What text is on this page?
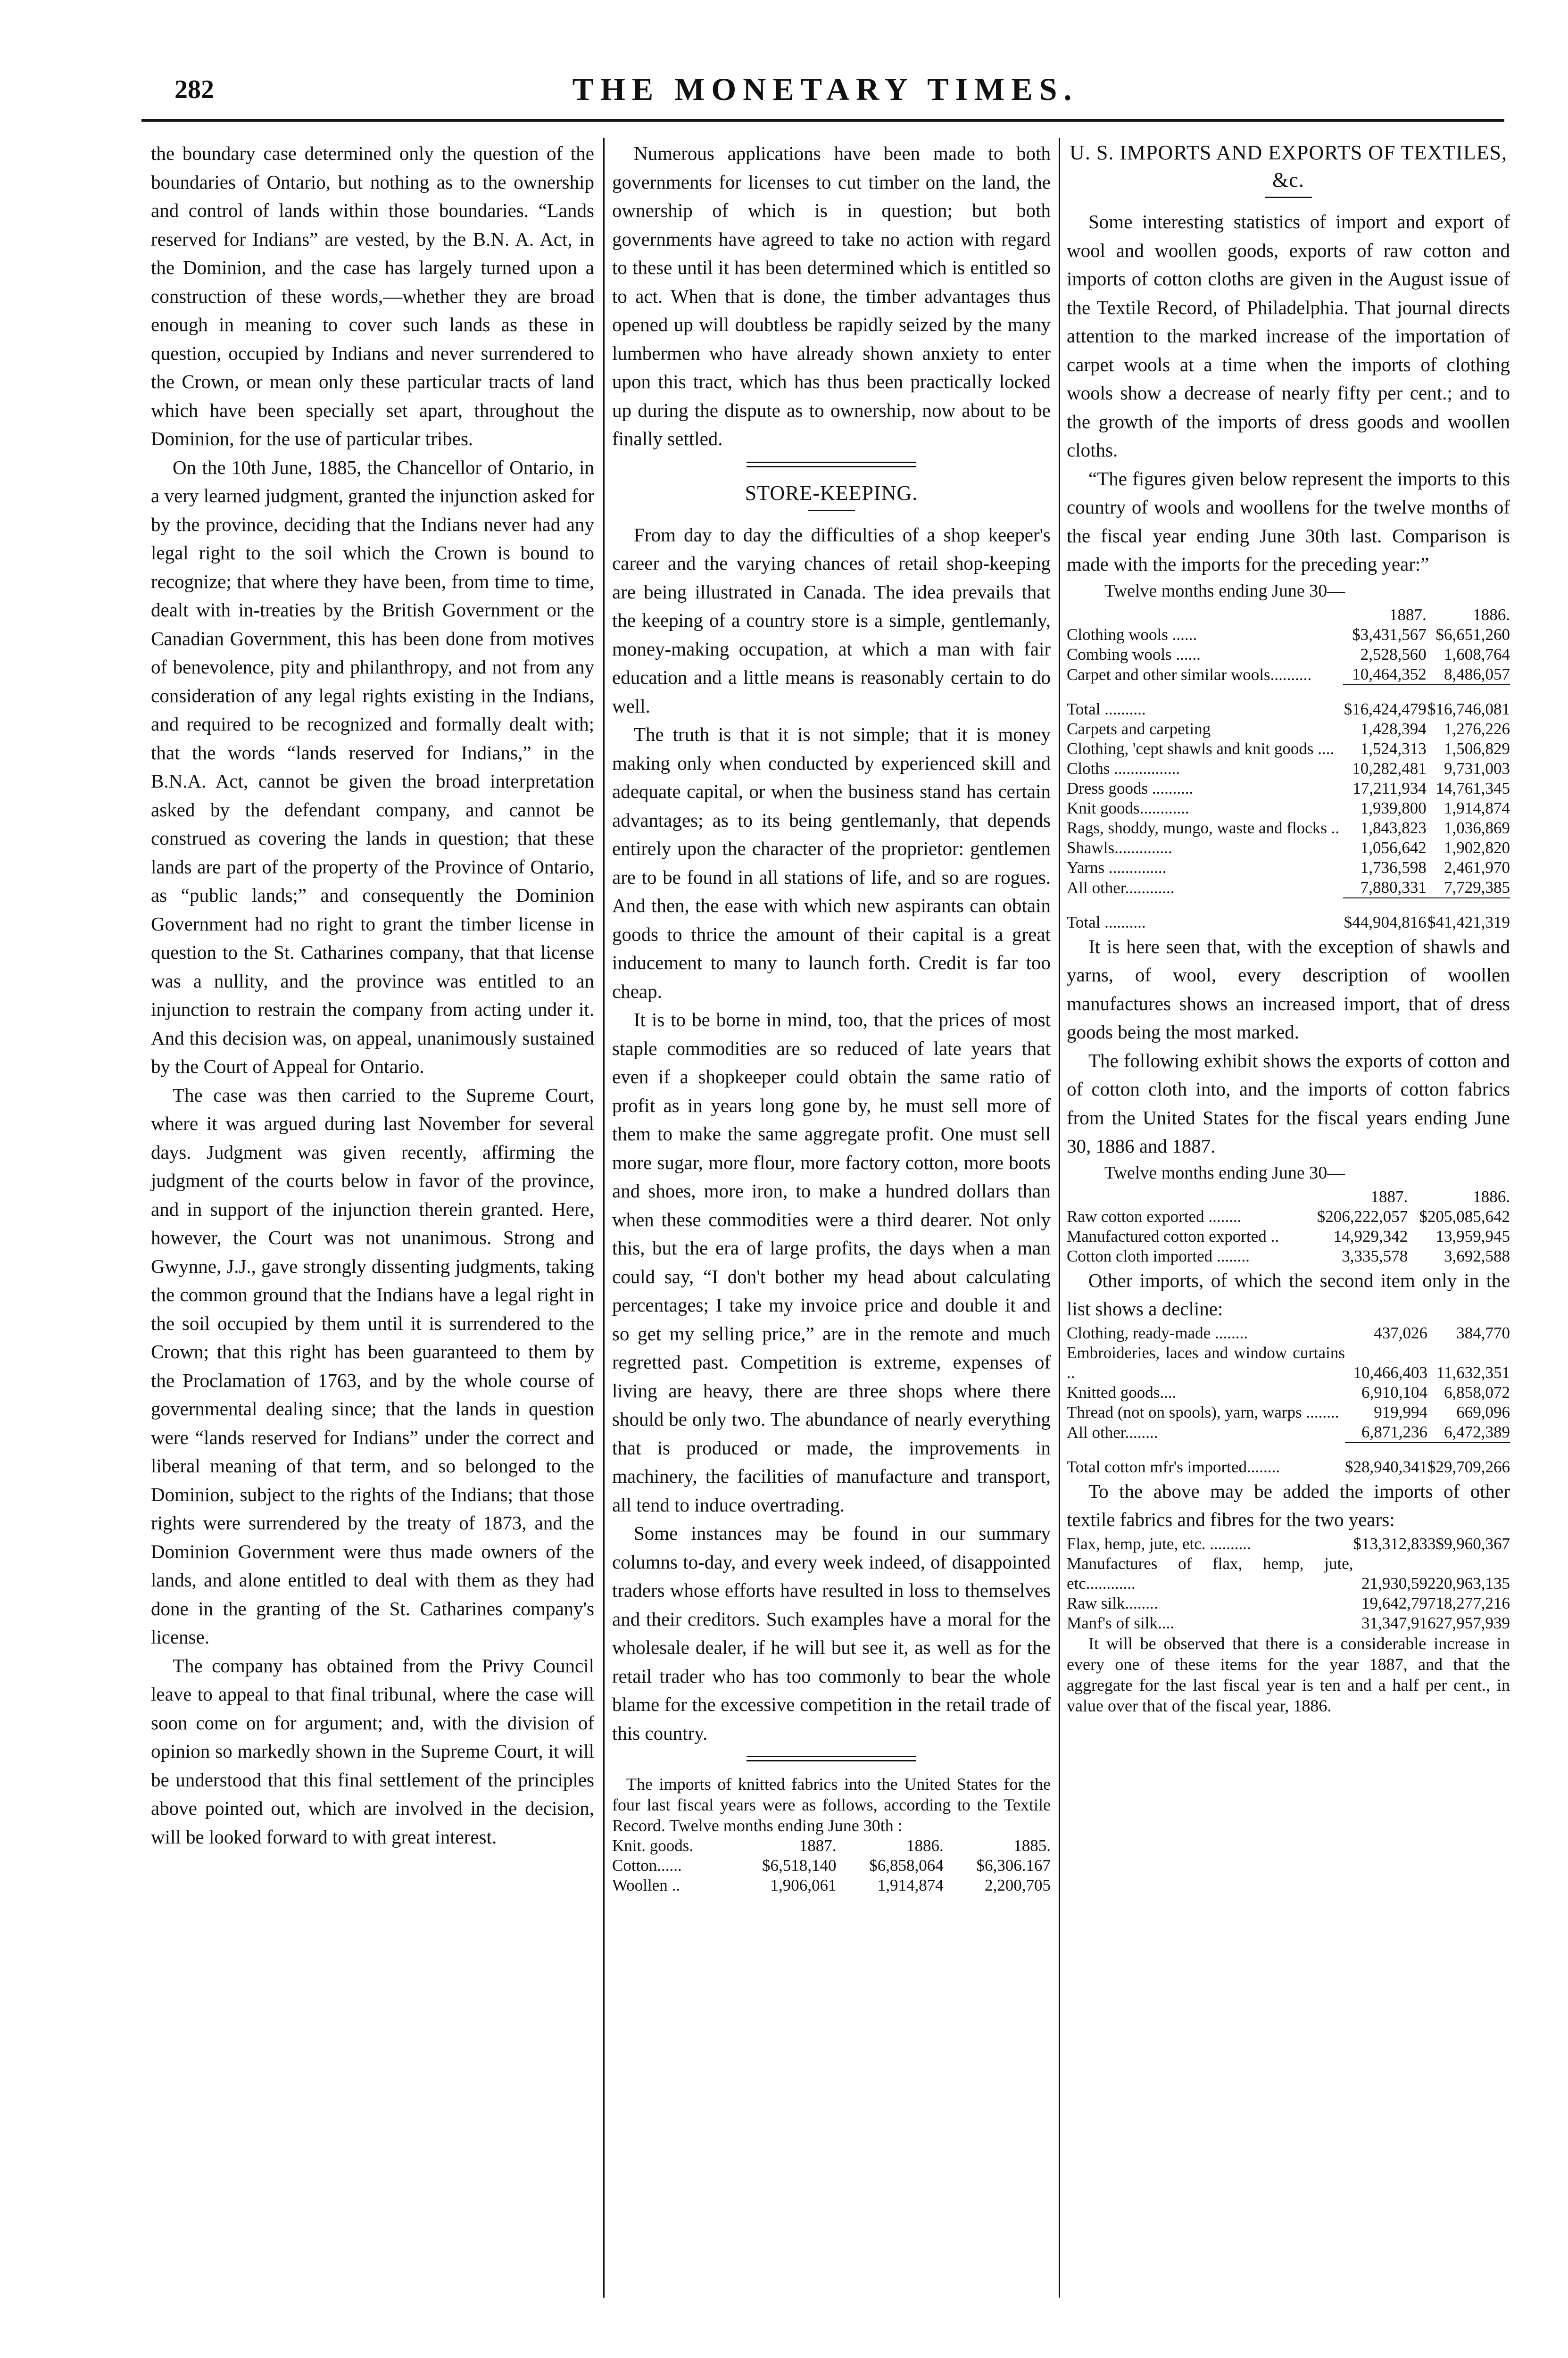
282	THE MONETARY TIMES.

the boundary case determined only the question of the boundaries of Ontario, but nothing as to the ownership and control of lands within those boundaries. “Lands reserved for Indians” are vested, by the B.N. A. Act, in the Dominion, and the case has largely turned upon a construction of these words,—whether they are broad enough in meaning to cover such lands as these in question, occupied by Indians and never surrendered to the Crown, or mean only these particular tracts of land which have been specially set apart, throughout the Dominion, for the use of particular tribes.

On the 10th June, 1885, the Chancellor of Ontario, in a very learned judgment, granted the injunction asked for by the province, deciding that the Indians never had any legal right to the soil which the Crown is bound to recognize; that where they have been, from time to time, dealt with in-treaties by the British Government or the Canadian Government, this has been done from motives of benevolence, pity and philanthropy, and not from any consideration of any legal rights existing in the Indians, and required to be recognized and formally dealt with; that the words “lands reserved for Indians,” in the B.N.A. Act, cannot be given the broad interpretation asked by the defendant company, and cannot be construed as covering the lands in question; that these lands are part of the property of the Province of Ontario, as “public lands;” and consequently the Dominion Government had no right to grant the timber license in question to the St. Catharines company, that that license was a nullity, and the province was entitled to an injunction to restrain the company from acting under it. And this decision was, on appeal, unanimously sustained by the Court of Appeal for Ontario.

The case was then carried to the Supreme Court, where it was argued during last November for several days. Judgment was given recently, affirming the judgment of the courts below in favor of the province, and in support of the injunction therein granted. Here, however, the Court was not unanimous. Strong and Gwynne, J.J., gave strongly dissenting judgments, taking the common ground that the Indians have a legal right in the soil occupied by them until it is surrendered to the Crown; that this right has been guaranteed to them by the Proclamation of 1763, and by the whole course of governmental dealing since; that the lands in question were “lands reserved for Indians” under the correct and liberal meaning of that term, and so belonged to the Dominion, subject to the rights of the Indians; that those rights were surrendered by the treaty of 1873, and the Dominion Government were thus made owners of the lands, and alone entitled to deal with them as they had done in the granting of the St. Catharines company's license.

The company has obtained from the Privy Council leave to appeal to that final tribunal, where the case will soon come on for argument; and, with the division of opinion so markedly shown in the Supreme Court, it will be understood that this final settlement of the principles above pointed out, which are involved in the decision, will be looked forward to with great interest.

Numerous applications have been made to both governments for licenses to cut timber on the land, the ownership of which is in question; but both governments have agreed to take no action with regard to these until it has been determined which is entitled so to act. When that is done, the timber advantages thus opened up will doubtless be rapidly seized by the many lumbermen who have already shown anxiety to enter upon this tract, which has thus been practically locked up during the dispute as to ownership, now about to be finally settled.

STORE-KEEPING.

From day to day the difficulties of a shop keeper's career and the varying chances of retail shop-keeping are being illustrated in Canada. The idea prevails that the keeping of a country store is a simple, gentlemanly, money-making occupation, at which a man with fair education and a little means is reasonably certain to do well.

The truth is that it is not simple; that it is money making only when conducted by experienced skill and adequate capital, or when the business stand has certain advantages; as to its being gentlemanly, that depends entirely upon the character of the proprietor: gentlemen are to be found in all stations of life, and so are rogues. And then, the ease with which new aspirants can obtain goods to thrice the amount of their capital is a great inducement to many to launch forth. Credit is far too cheap.

It is to be borne in mind, too, that the prices of most staple commodities are so reduced of late years that even if a shopkeeper could obtain the same ratio of profit as in years long gone by, he must sell more of them to make the same aggregate profit. One must sell more sugar, more flour, more factory cotton, more boots and shoes, more iron, to make a hundred dollars than when these commodities were a third dearer. Not only this, but the era of large profits, the days when a man could say, “I don't bother my head about calculating percentages; I take my invoice price and double it and so get my selling price,” are in the remote and much regretted past. Competition is extreme, expenses of living are heavy, there are three shops where there should be only two. The abundance of nearly everything that is produced or made, the improvements in machinery, the facilities of manufacture and transport, all tend to induce overtrading.

Some instances may be found in our summary columns to-day, and every week indeed, of disappointed traders whose efforts have resulted in loss to themselves and their creditors. Such examples have a moral for the wholesale dealer, if he will but see it, as well as for the retail trader who has too commonly to bear the whole blame for the excessive competition in the retail trade of this country.

The imports of knitted fabrics into the United States for the four last fiscal years were as follows, according to the Textile Record. Twelve months ending June 30th :

Knit. goods.	1887.	1886.	1885.
Cotton......	$6,518,140	$6,858,064	$6,306.167
Woollen ..	1,906,061	1,914,874	2,200,705
U. S. IMPORTS AND EXPORTS OF TEXTILES, &c.

Some interesting statistics of import and export of wool and woollen goods, exports of raw cotton and imports of cotton cloths are given in the August issue of the Textile Record, of Philadelphia. That journal directs attention to the marked increase of the importation of carpet wools at a time when the imports of clothing wools show a decrease of nearly fifty per cent.; and to the growth of the imports of dress goods and woollen cloths.

“The figures given below represent the imports to this country of wools and woollens for the twelve months of the fiscal year ending June 30th last. Comparison is made with the imports for the preceding year:”

Twelve months ending June 30—
	1887.	1886.
Clothing wools ......	$3,431,567	$6,651,260
Combing wools ......	2,528,560	1,608,764
Carpet and other similar wools..........	10,464,352	8,486,057
Total ..........	$16,424,479	$16,746,081
Carpets and carpeting	1,428,394	1,276,226
Clothing, 'cept shawls and knit goods ....	1,524,313	1,506,829
Cloths ................	10,282,481	9,731,003
Dress goods ..........	17,211,934	14,761,345
Knit goods............	1,939,800	1,914,874
Rags, shoddy, mungo, waste and flocks ..	1,843,823	1,036,869
Shawls..............	1,056,642	1,902,820
Yarns ..............	1,736,598	2,461,970
All other............	7,880,331	7,729,385
Total ..........	$44,904,816	$41,421,319

It is here seen that, with the exception of shawls and yarns, of wool, every description of woollen manufactures shows an increased import, that of dress goods being the most marked.

The following exhibit shows the exports of cotton and of cotton cloth into, and the imports of cotton fabrics from the United States for the fiscal years ending June 30, 1886 and 1887.

Twelve months ending June 30—
	1887.	1886.
Raw cotton exported ........	$206,222,057	$205,085,642
Manufactured cotton exported ..	14,929,342	13,959,945
Cotton cloth imported ........	3,335,578	3,692,588

Other imports, of which the second item only in the list shows a decline:

Clothing, ready-made ........	437,026	384,770
Embroideries, laces and window curtains ..	10,466,403	11,632,351
Knitted goods....	6,910,104	6,858,072
Thread (not on spools), yarn, warps ........	919,994	669,096
All other........	6,871,236	6,472,389
Total cotton mfr's imported........	$28,940,341	$29,709,266

To the above may be added the imports of other textile fabrics and fibres for the two years:

Flax, hemp, jute, etc. ..........	$13,312,833	$9,960,367
Manufactures of flax, hemp, jute, etc............	21,930,592	20,963,135
Raw silk........	19,642,797	18,277,216
Manf's of silk....	31,347,916	27,957,939

It will be observed that there is a considerable increase in every one of these items for the year 1887, and that the aggregate for the last fiscal year is ten and a half per cent., in value over that of the fiscal year, 1886.
